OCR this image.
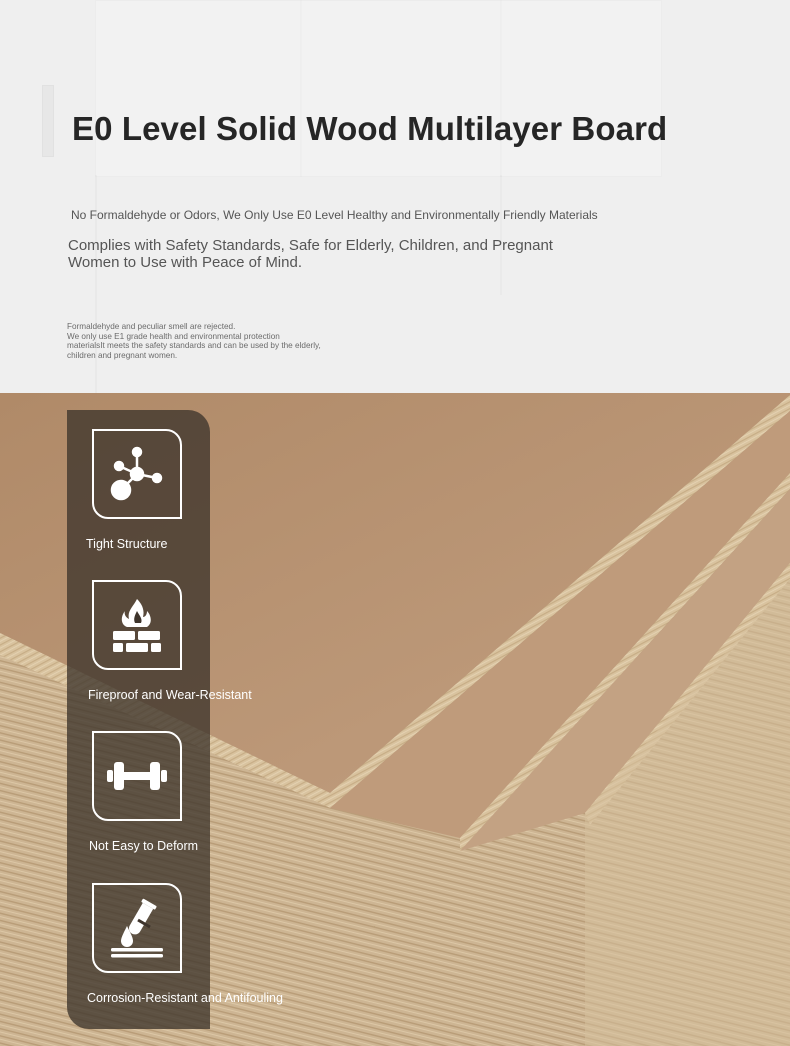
E0 Level Solid Wood Multilayer Board

No Formaldehyde or Odors, We Only Use E0 Level Healthy and Environmentally Friendly Materials

Complies with Safety Standards, Safe for Elderly, Children, and Pregnant Women to Use with Peace of Mind.

Formaldehyde and peculiar smell are rejected.
We only use E1 grade health and environmental protection
materialsIt meets the safety standards and can be used by the elderly,
children and pregnant women.
Tight Structure
Fireproof and Wear-Resistant
Not Easy to Deform
Corrosion-Resistant and Antifouling
